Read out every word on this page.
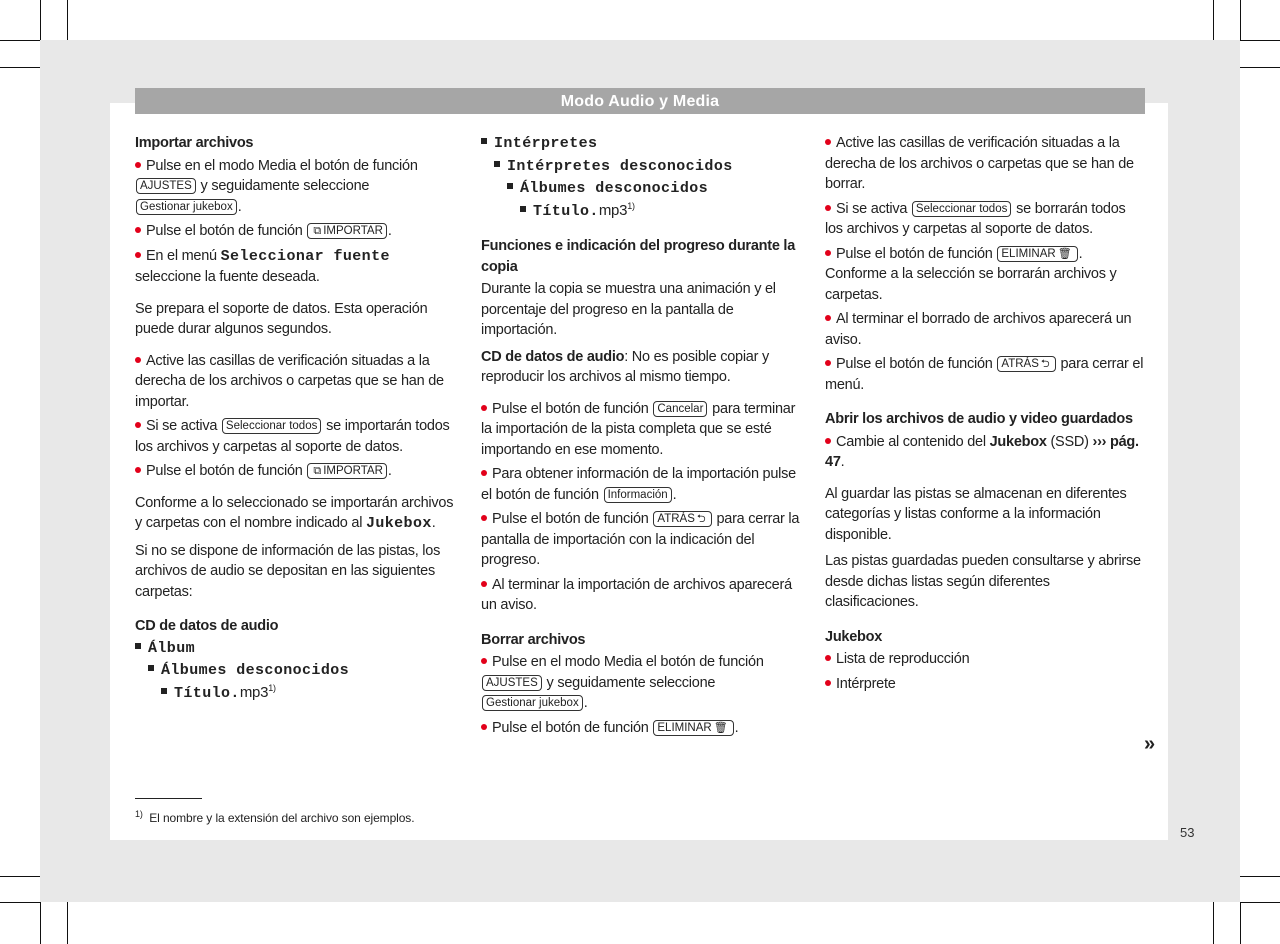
Modo Audio y Media
Importar archivos
Pulse en el modo Media el botón de función AJUSTES y seguidamente seleccione Gestionar jukebox .
Pulse el botón de función ⧉ IMPORTAR .
En el menú Seleccionar fuente seleccione la fuente deseada.
Se prepara el soporte de datos. Esta operación puede durar algunos segundos.
Active las casillas de verificación situadas a la derecha de los archivos o carpetas que se han de importar.
Si se activa Seleccionar todos se importarán todos los archivos y carpetas al soporte de datos.
Pulse el botón de función ⧉ IMPORTAR .
Conforme a lo seleccionado se importarán archivos y carpetas con el nombre indicado al Jukebox.
Si no se dispone de información de las pistas, los archivos de audio se depositan en las siguientes carpetas:
CD de datos de audio
Álbum
Álbumes desconocidos
Título.mp3$^{1)}$
Intérpretes
Intérpretes desconocidos
Álbumes desconocidos
Título.mp3$^{1)}$
Funciones e indicación del progreso durante la copia
Durante la copia se muestra una animación y el porcentaje del progreso en la pantalla de importación.
CD de datos de audio: No es posible copiar y reproducir los archivos al mismo tiempo.
Pulse el botón de función Cancelar para terminar la importación de la pista completa que se esté importando en ese momento.
Para obtener información de la importación pulse el botón de función Información .
Pulse el botón de función ATRÁS ⮌ para cerrar la pantalla de importación con la indicación del progreso.
Al terminar la importación de archivos aparecerá un aviso.
Borrar archivos
Pulse en el modo Media el botón de función AJUSTES y seguidamente seleccione Gestionar jukebox .
Pulse el botón de función ELIMINAR 🗑 .
Active las casillas de verificación situadas a la derecha de los archivos o carpetas que se han de borrar.
Si se activa Seleccionar todos se borrarán todos los archivos y carpetas al soporte de datos.
Pulse el botón de función ELIMINAR 🗑 . Conforme a la selección se borrarán archivos y carpetas.
Al terminar el borrado de archivos aparecerá un aviso.
Pulse el botón de función ATRÁS ⮌ para cerrar el menú.
Abrir los archivos de audio y video guardados
Cambie al contenido del Jukebox (SSD) ››› pág. 47.
Al guardar las pistas se almacenan en diferentes categorías y listas conforme a la información disponible.
Las pistas guardadas pueden consultarse y abrirse desde dichas listas según diferentes clasificaciones.
Jukebox
Lista de reproducción
Intérprete
»
$^{1)}$ El nombre y la extensión del archivo son ejemplos.
53
